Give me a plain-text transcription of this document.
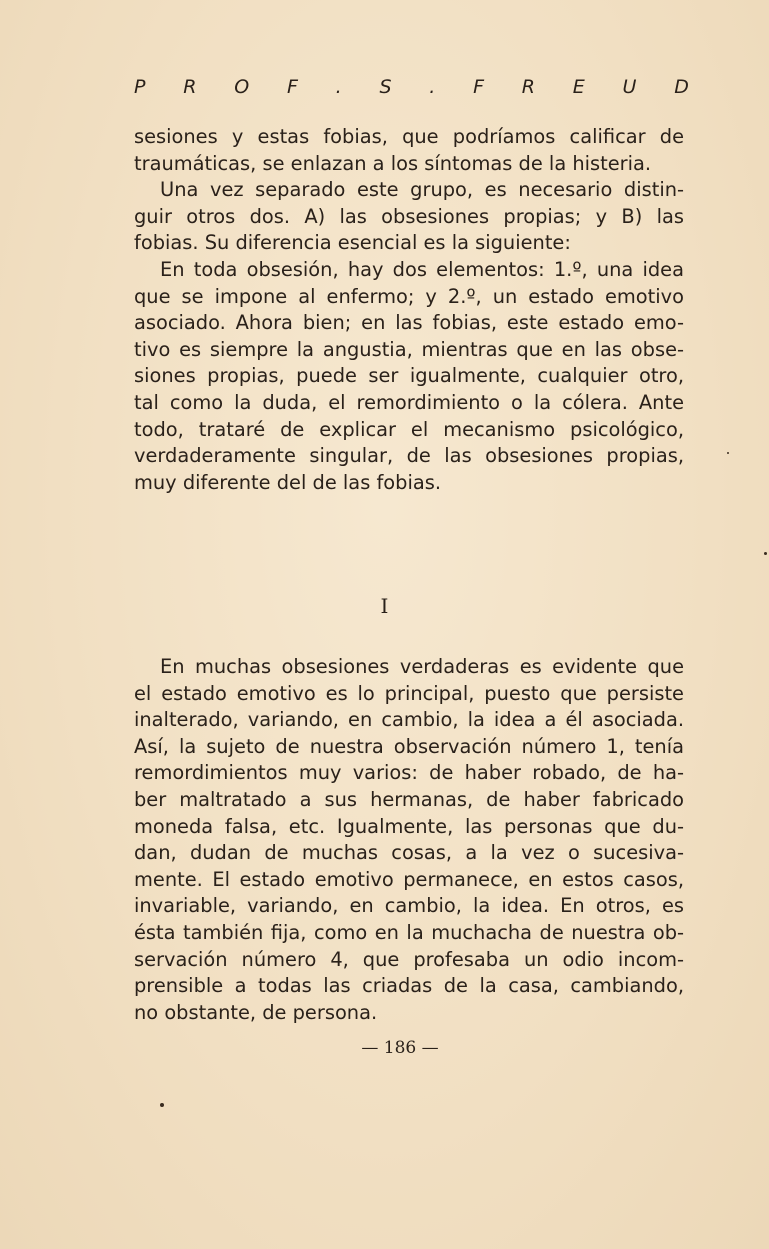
P R O F . S . F R E U D

sesiones y estas fobias, que podríamos calificar de
traumáticas, se enlazan a los síntomas de la histeria.

Una vez separado este grupo, es necesario distin-
guir otros dos. A) las obsesiones propias; y B) las
fobias. Su diferencia esencial es la siguiente:

En toda obsesión, hay dos elementos: 1.º, una idea
que se impone al enfermo; y 2.º, un estado emotivo
asociado. Ahora bien; en las fobias, este estado emo-
tivo es siempre la angustia, mientras que en las obse-
siones propias, puede ser igualmente, cualquier otro,
tal como la duda, el remordimiento o la cólera. Ante
todo, trataré de explicar el mecanismo psicológico,
verdaderamente singular, de las obsesiones propias,
muy diferente del de las fobias.

I

En muchas obsesiones verdaderas es evidente que
el estado emotivo es lo principal, puesto que persiste
inalterado, variando, en cambio, la idea a él asociada.
Así, la sujeto de nuestra observación número 1, tenía
remordimientos muy varios: de haber robado, de ha-
ber maltratado a sus hermanas, de haber fabricado
moneda falsa, etc. Igualmente, las personas que du-
dan, dudan de muchas cosas, a la vez o sucesiva-
mente. El estado emotivo permanece, en estos casos,
invariable, variando, en cambio, la idea. En otros, es
ésta también fija, como en la muchacha de nuestra ob-
servación número 4, que profesaba un odio incom-
prensible a todas las criadas de la casa, cambiando,
no obstante, de persona.

— 186 —
